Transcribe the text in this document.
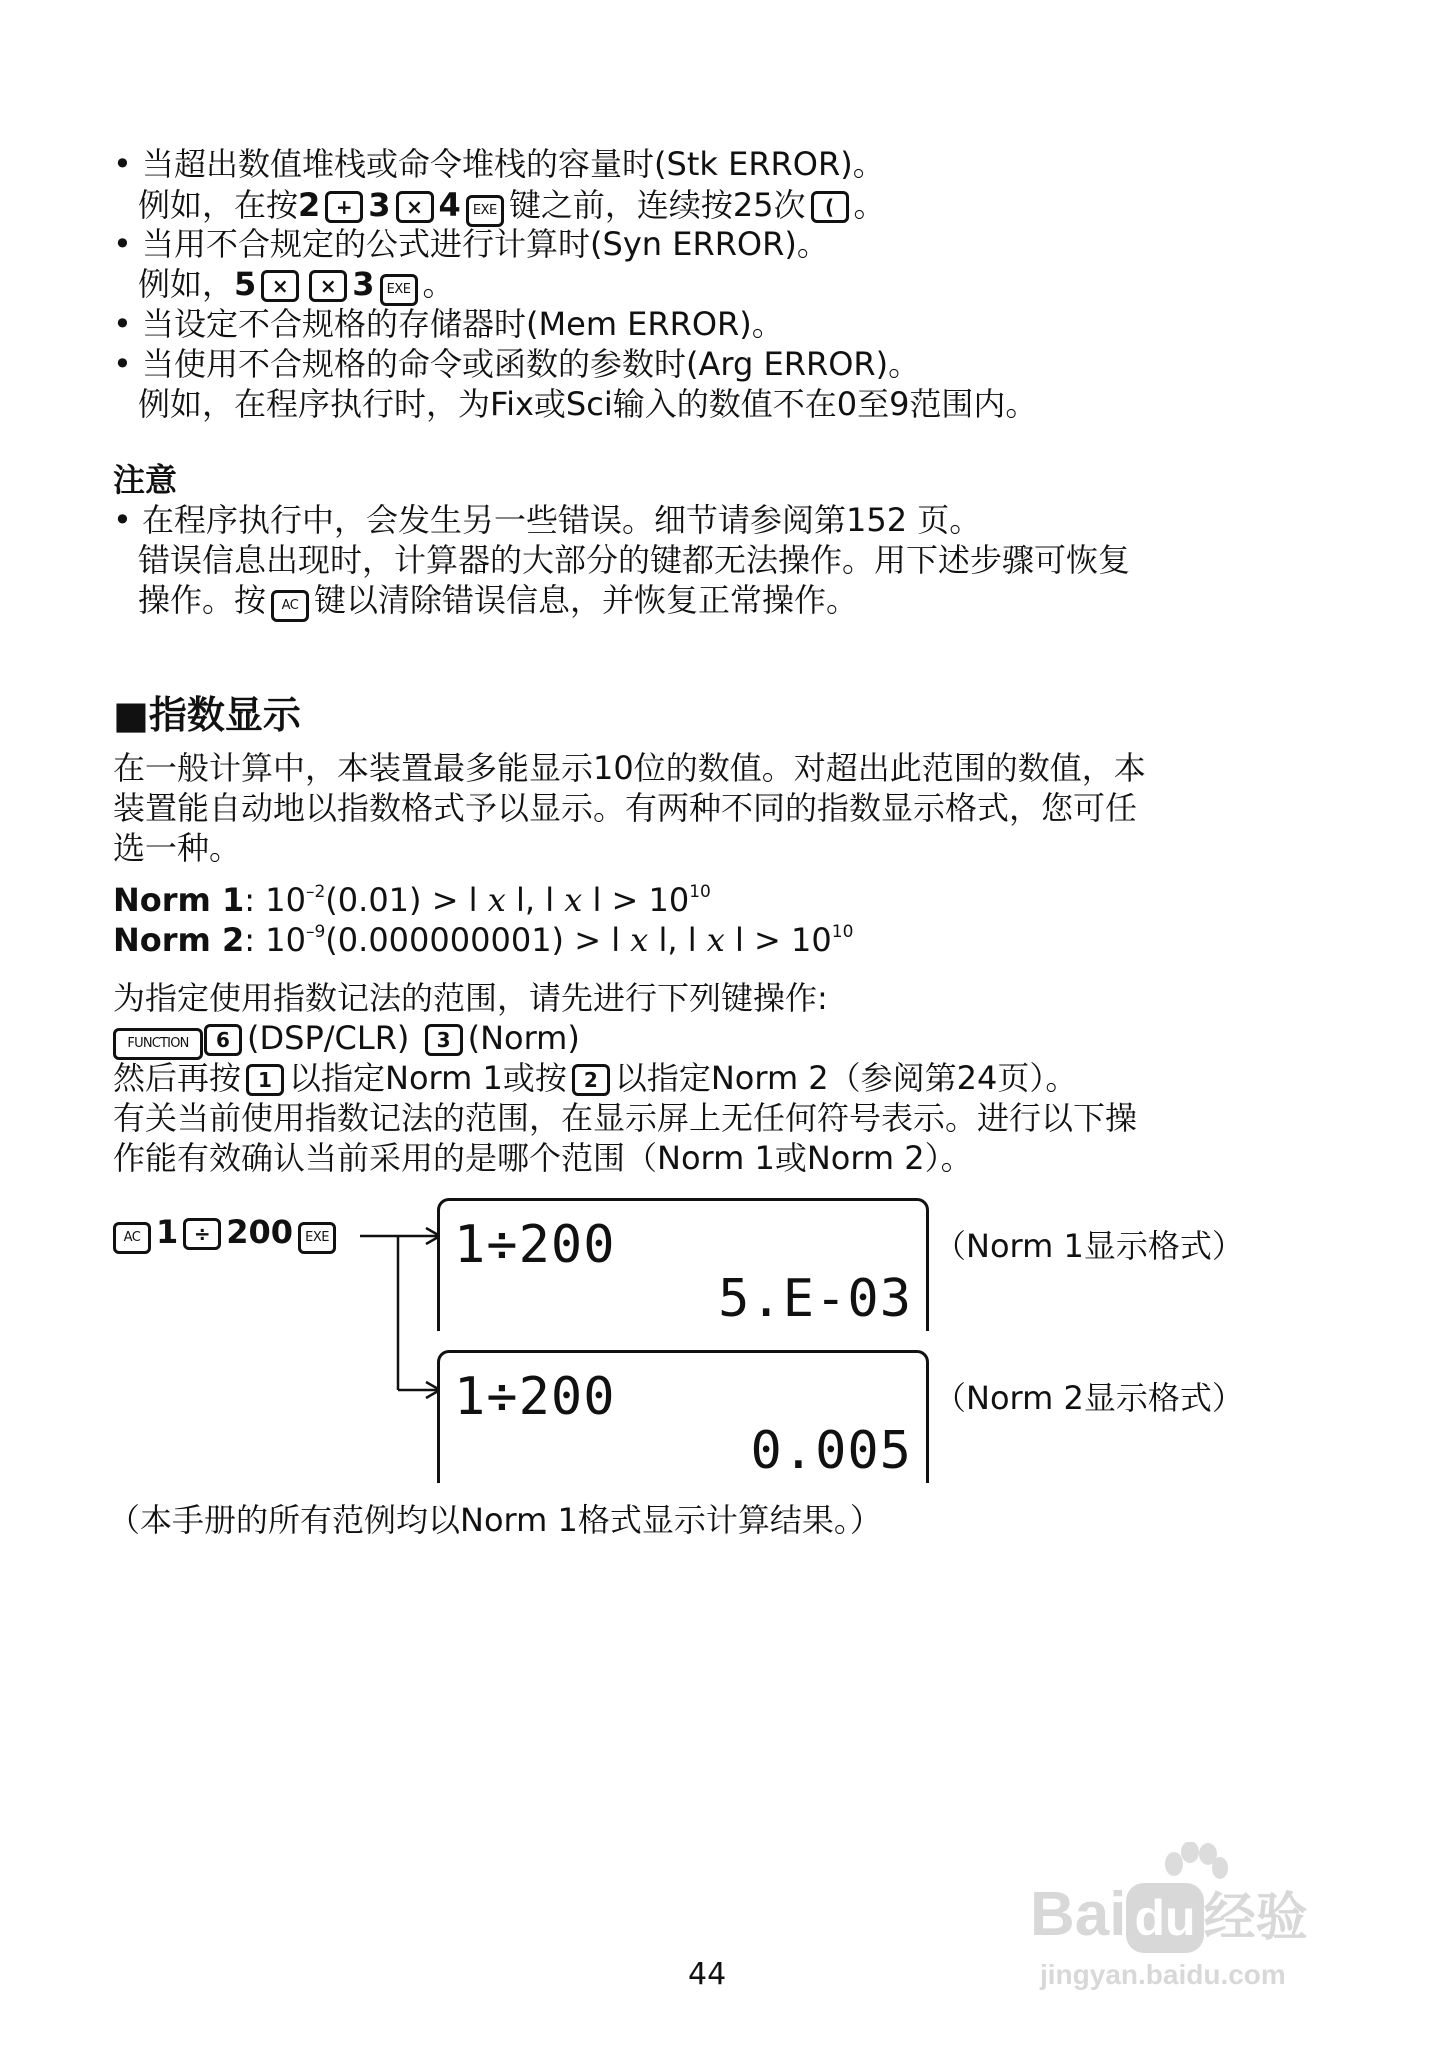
• 当超出数值堆栈或命令堆栈的容量时(Stk ERROR)。
例如，在按2 + 3 × 4 EXE 键之前，连续按25次 ( 。
• 当用不合规定的公式进行计算时(Syn ERROR)。
例如，5 × × 3 EXE 。
• 当设定不合规格的存储器时(Mem ERROR)。
• 当使用不合规格的命令或函数的参数时(Arg ERROR)。
例如，在程序执行时，为Fix或Sci输入的数值不在0至9范围内。
注意
• 在程序执行中，会发生另一些错误。细节请参阅第152 页。
错误信息出现时，计算器的大部分的键都无法操作。用下述步骤可恢复
操作。按 AC 键以清除错误信息，并恢复正常操作。
■指数显示
在一般计算中，本装置最多能显示10位的数值。对超出此范围的数值，本
装置能自动地以指数格式予以显示。有两种不同的指数显示格式，您可任
选一种。
Norm 1: $10^{-2}(0.01) > l$ x l, l x $l > 10^{10}$
Norm 2: $10^{-9}(0.000000001) > l$ x l, l x $l > 10^{10}$
为指定使用指数记法的范围，请先进行下列键操作:
FUNCTION 6 (DSP/CLR) 3 (Norm)
然后再按 1 以指定Norm 1或按 2 以指定Norm 2（参阅第24页）。
有关当前使用指数记法的范围，在显示屏上无任何符号表示。进行以下操
作能有效确认当前采用的是哪个范围（Norm 1或Norm 2）。
AC 1 ÷ 200 EXE 1÷200
5.E-03
（Norm 1显示格式）
1÷200
0.005
（Norm 2显示格式）
（本手册的所有范例均以Norm 1格式显示计算结果。）
44
Bai du 经验
jingyan.baidu.com
